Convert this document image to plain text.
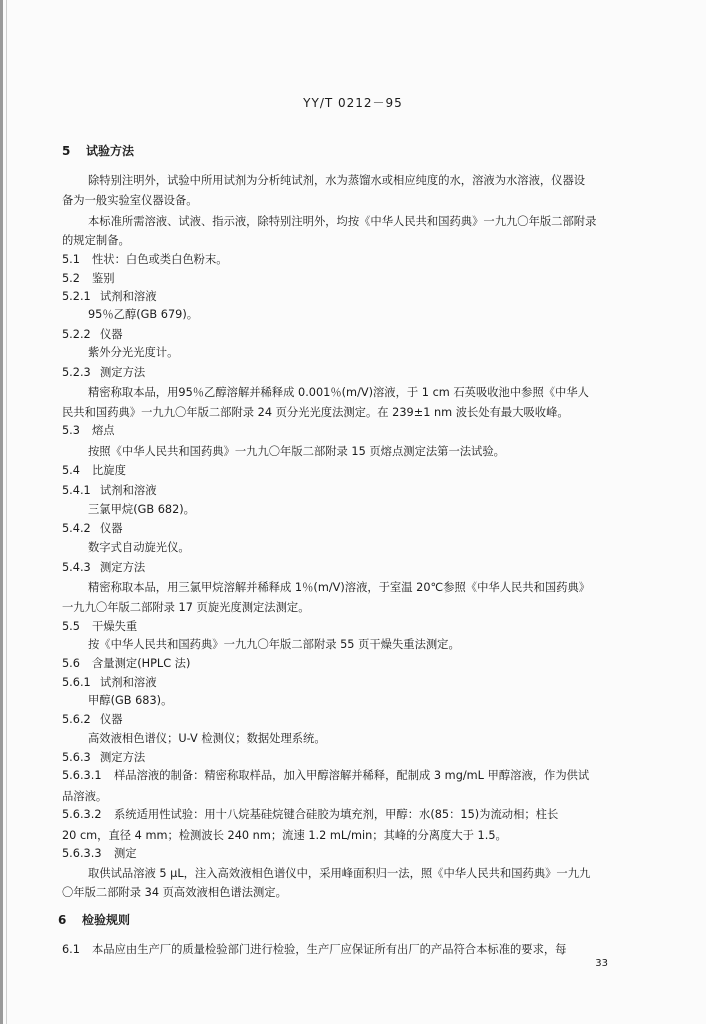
YY/T 0212－95
5 试验方法
除特别注明外，试验中所用试剂为分析纯试剂，水为蒸馏水或相应纯度的水，溶液为水溶液，仪器设
备为一般实验室仪器设备。
本标准所需溶液、试液、指示液，除特别注明外，均按《中华人民共和国药典》一九九〇年版二部附录
的规定制备。
5.1 性状：白色或类白色粉末。
5.2 鉴别
5.2.1 试剂和溶液
95％乙醇(GB 679)。
5.2.2 仪器
紫外分光光度计。
5.2.3 测定方法
精密称取本品，用95％乙醇溶解并稀释成 0.001％(m/V)溶液，于 1 cm 石英吸收池中参照《中华人
民共和国药典》一九九〇年版二部附录 24 页分光光度法测定。在 239±1 nm 波长处有最大吸收峰。
5.3 熔点
按照《中华人民共和国药典》一九九〇年版二部附录 15 页熔点测定法第一法试验。
5.4 比旋度
5.4.1 试剂和溶液
三氯甲烷(GB 682)。
5.4.2 仪器
数字式自动旋光仪。
5.4.3 测定方法
精密称取本品，用三氯甲烷溶解并稀释成 1％(m/V)溶液，于室温 20℃参照《中华人民共和国药典》
一九九〇年版二部附录 17 页旋光度测定法测定。
5.5 干燥失重
按《中华人民共和国药典》一九九〇年版二部附录 55 页干燥失重法测定。
5.6 含量测定(HPLC 法)
5.6.1 试剂和溶液
甲醇(GB 683)。
5.6.2 仪器
高效液相色谱仪；U-V 检测仪；数据处理系统。
5.6.3 测定方法
5.6.3.1 样品溶液的制备：精密称取样品，加入甲醇溶解并稀释，配制成 3 mg/mL 甲醇溶液，作为供试
品溶液。
5.6.3.2 系统适用性试验：用十八烷基硅烷键合硅胶为填充剂，甲醇：水(85：15)为流动相；柱长
20 cm，直径 4 mm；检测波长 240 nm；流速 1.2 mL/min；其峰的分离度大于 1.5。
5.6.3.3 测定
取供试品溶液 5 μL，注入高效液相色谱仪中，采用峰面积归一法，照《中华人民共和国药典》一九九
〇年版二部附录 34 页高效液相色谱法测定。
6 检验规则
6.1 本品应由生产厂的质量检验部门进行检验，生产厂应保证所有出厂的产品符合本标准的要求，每
33
